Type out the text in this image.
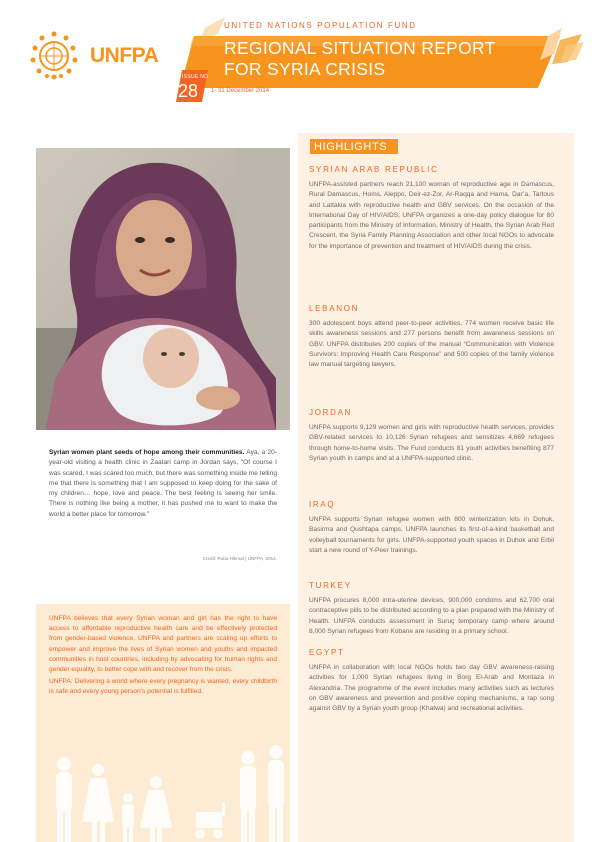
UNFPA
UNITED NATIONS POPULATION FUND
REGIONAL SITUATION REPORT
FOR SYRIA CRISIS
ISSUE NO
28 1- 31 December 2014
Syrian women plant seeds of hope among their communities. Aya, a 20-year-old visiting a health clinic in Zaatari camp in Jordan says, “Of course I was scared, I was scared too much, but there was something inside me telling me that there is something that I am supposed to keep doing for the sake of my children… hope, love and peace. The best feeling is seeing her smile. There is nothing like being a mother, it has pushed me to want to make the world a better place for tomorrow.”
Credit: Ruba Hikmat | UNFPA, 2014.

UNFPA believes that every Syrian woman and girl has the right to have access to affordable reproductive health care and be effectively protected from gender-based violence. UNFPA and partners are scaling up efforts to empower and improve the lives of Syrian women and youths and impacted communities in host countries, including by advocating for human rights and gender equality, to better cope with and recover from the crisis.

UNFPA: Delivering a world where every pregnancy is wanted, every childbirth is safe and every young person’s potential is fulfilled.

HIGHLIGHTS
SYRIAN ARAB REPUBLIC
UNFPA-assisted partners reach 21,100 woman of reproductive age in Damascus, Rural Damascus, Homs, Aleppo, Deir-ez-Zor, Ar-Raqqa and Hama, Dar’a, Tartous and Lattakia with reproductive health and GBV services. On the occasion of the International Day of HIV/AIDS, UNFPA organizes a one-day policy dialogue for 80 participants from the Ministry of Information, Ministry of Health, the Syrian Arab Red Crescent, the Syria Family Planning Association and other local NGOs to advocate for the importance of prevention and treatment of HIV/AIDS during the crisis.
LEBANON
300 adolescent boys attend peer-to-peer activities, 774 women receive basic life skills awareness sessions and 277 persons benefit from awareness sessions on GBV. UNFPA distributes 200 copies of the manual “Communication with Violence Survivors: Improving Health Care Response” and 500 copies of the family violence law manual targeting lawyers.
JORDAN
UNFPA supports 9,129 women and girls with reproductive health services, provides GBV-related services to 10,126 Syrian refugees and sensitizes 4,669 refugees through home-to-home visits. The Fund conducts 81 youth activities benefiting 877 Syrian youth in camps and at a UNFPA-supported clinic.
IRAQ
UNFPA supports Syrian refugee women with 800 winterization kits in Dohuk, Basirma and Qushtapa camps. UNFPA launches its first-of-a-kind basketball and volleyball tournaments for girls. UNFPA-supported youth spaces in Duhok and Erbil start a new round of Y-Peer trainings.
TURKEY
UNFPA procures 8,000 intra-uterine devices, 900,000 condoms and 62,700 oral contraceptive pills to be distributed according to a plan prepared with the Ministry of Health. UNFPA conducts assessment in Suruç temporary camp where around 8,000 Syrian refugees from Kobane are residing in a primary school.
EGYPT
UNFPA in collaboration with local NGOs holds two day GBV awareness-raising activities for 1,000 Syrian refugees living in Borg El-Arab and Montaza in Alexandria. The programme of the event includes many activities such as lectures on GBV awareness and prevention and positive coping mechanisms, a rap song against GBV by a Syrian youth group (Khatwa) and recreational activities.
